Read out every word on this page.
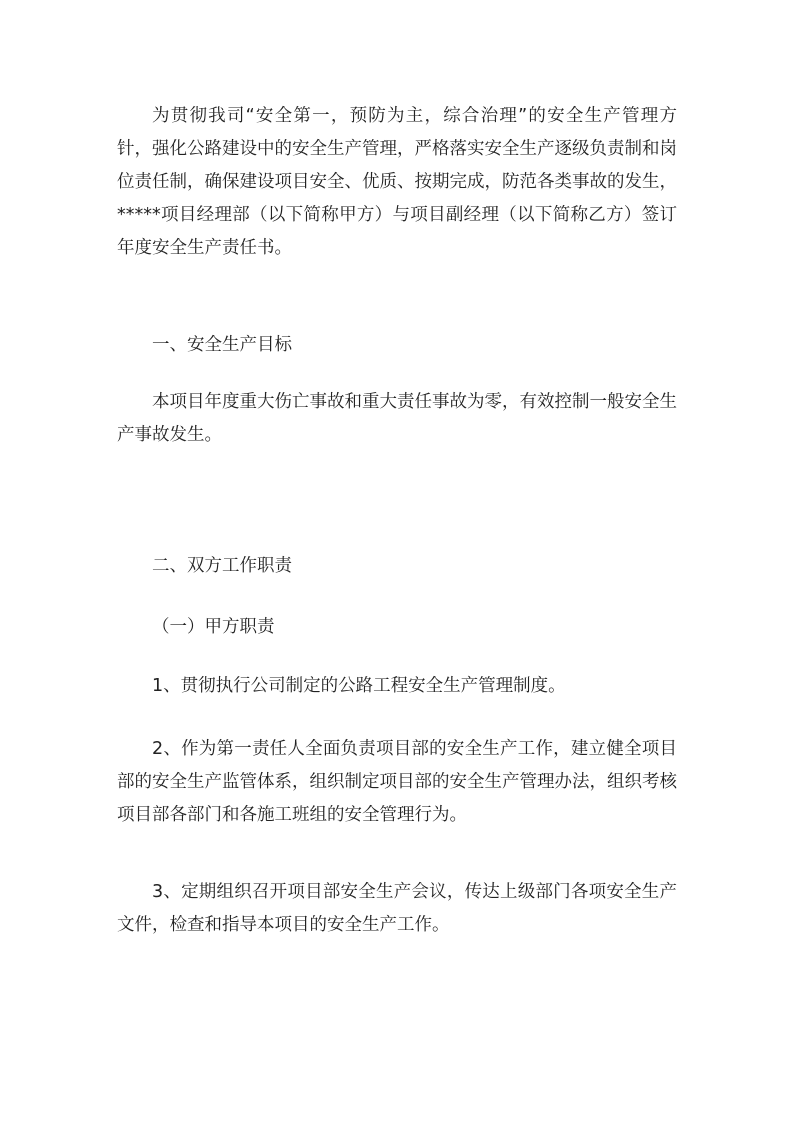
为贯彻我司“安全第一，预防为主，综合治理”的安全生产管理方针，强化公路建设中的安全生产管理，严格落实安全生产逐级负责制和岗位责任制，确保建设项目安全、优质、按期完成，防范各类事故的发生，*****项目经理部（以下简称甲方）与项目副经理（以下简称乙方）签订年度安全生产责任书。

一、安全生产目标

本项目年度重大伤亡事故和重大责任事故为零，有效控制一般安全生产事故发生。

二、双方工作职责

（一）甲方职责

1、贯彻执行公司制定的公路工程安全生产管理制度。

2、作为第一责任人全面负责项目部的安全生产工作，建立健全项目部的安全生产监管体系，组织制定项目部的安全生产管理办法，组织考核项目部各部门和各施工班组的安全管理行为。

3、定期组织召开项目部安全生产会议，传达上级部门各项安全生产文件，检查和指导本项目的安全生产工作。
